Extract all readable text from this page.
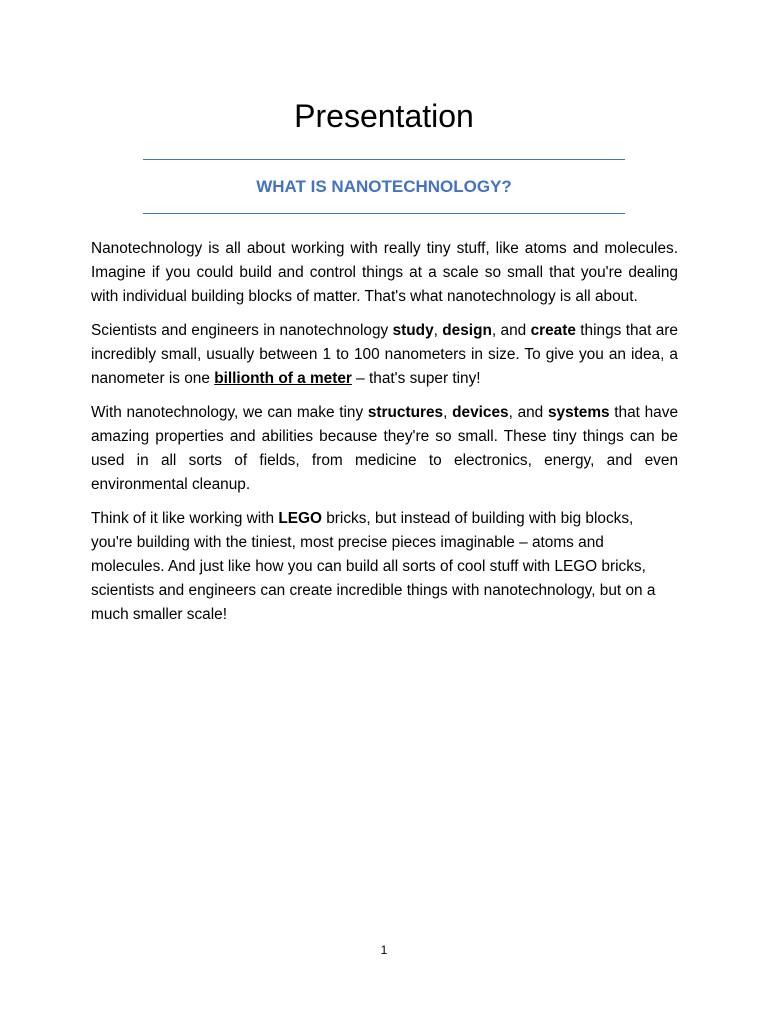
Presentation
WHAT IS NANOTECHNOLOGY?

Nanotechnology is all about working with really tiny stuff, like atoms and molecules. Imagine if you could build and control things at a scale so small that you're dealing with individual building blocks of matter. That's what nanotechnology is all about.

Scientists and engineers in nanotechnology study, design, and create things that are incredibly small, usually between 1 to 100 nanometers in size. To give you an idea, a nanometer is one billionth of a meter – that's super tiny!

With nanotechnology, we can make tiny structures, devices, and systems that have amazing properties and abilities because they're so small. These tiny things can be used in all sorts of fields, from medicine to electronics, energy, and even environmental cleanup.

Think of it like working with LEGO bricks, but instead of building with big blocks, you're building with the tiniest, most precise pieces imaginable – atoms and molecules. And just like how you can build all sorts of cool stuff with LEGO bricks, scientists and engineers can create incredible things with nanotechnology, but on a much smaller scale!

1
